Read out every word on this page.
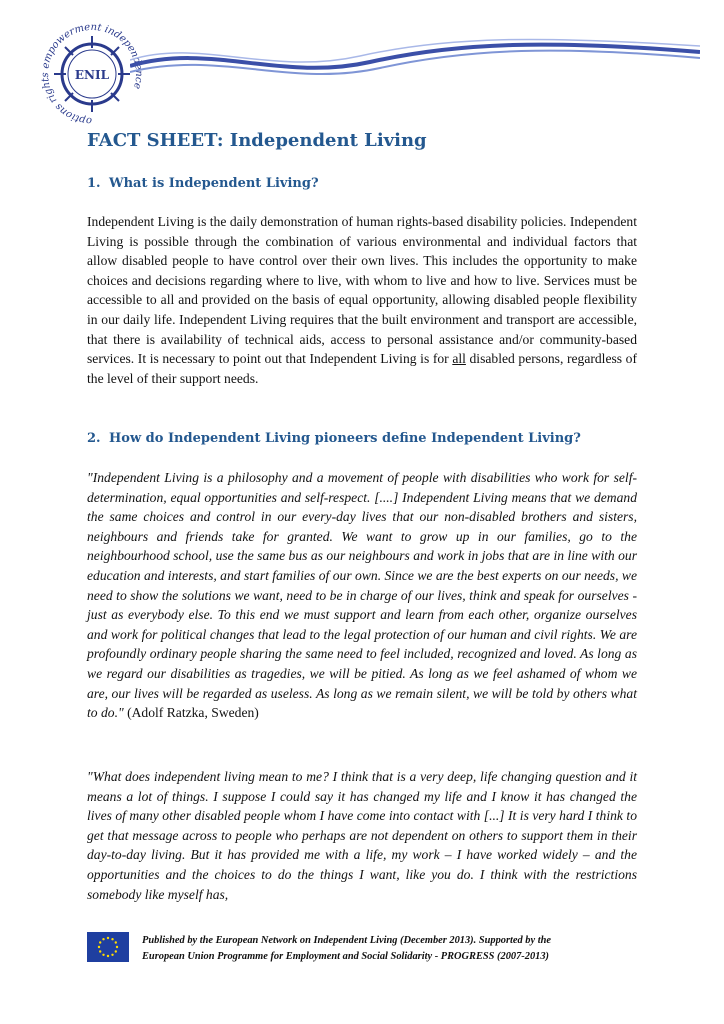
ENIL
options rights empowerment independence
FACT SHEET: Independent Living
1. What is Independent Living?

Independent Living is the daily demonstration of human rights-based disability policies. Independent Living is possible through the combination of various environmental and individual factors that allow disabled people to have control over their own lives. This includes the opportunity to make choices and decisions regarding where to live, with whom to live and how to live. Services must be accessible to all and provided on the basis of equal opportunity, allowing disabled people flexibility in our daily life. Independent Living requires that the built environment and transport are accessible, that there is availability of technical aids, access to personal assistance and/or community-based services. It is necessary to point out that Independent Living is for all disabled persons, regardless of the level of their support needs.

2. How do Independent Living pioneers define Independent Living?

"Independent Living is a philosophy and a movement of people with disabilities who work for self-determination, equal opportunities and self-respect. [....] Independent Living means that we demand the same choices and control in our every-day lives that our non-disabled brothers and sisters, neighbours and friends take for granted. We want to grow up in our families, go to the neighbourhood school, use the same bus as our neighbours and work in jobs that are in line with our education and interests, and start families of our own. Since we are the best experts on our needs, we need to show the solutions we want, need to be in charge of our lives, think and speak for ourselves - just as everybody else. To this end we must support and learn from each other, organize ourselves and work for political changes that lead to the legal protection of our human and civil rights. We are profoundly ordinary people sharing the same need to feel included, recognized and loved. As long as we regard our disabilities as tragedies, we will be pitied. As long as we feel ashamed of whom we are, our lives will be regarded as useless. As long as we remain silent, we will be told by others what to do." (Adolf Ratzka, Sweden)

"What does independent living mean to me? I think that is a very deep, life changing question and it means a lot of things. I suppose I could say it has changed my life and I know it has changed the lives of many other disabled people whom I have come into contact with [...] It is very hard I think to get that message across to people who perhaps are not dependent on others to support them in their day-to-day living. But it has provided me with a life, my work – I have worked widely – and the opportunities and the choices to do the things I want, like you do. I think with the restrictions somebody like myself has,

Published by the European Network on Independent Living (December 2013). Supported by the
European Union Programme for Employment and Social Solidarity - PROGRESS (2007-2013)
